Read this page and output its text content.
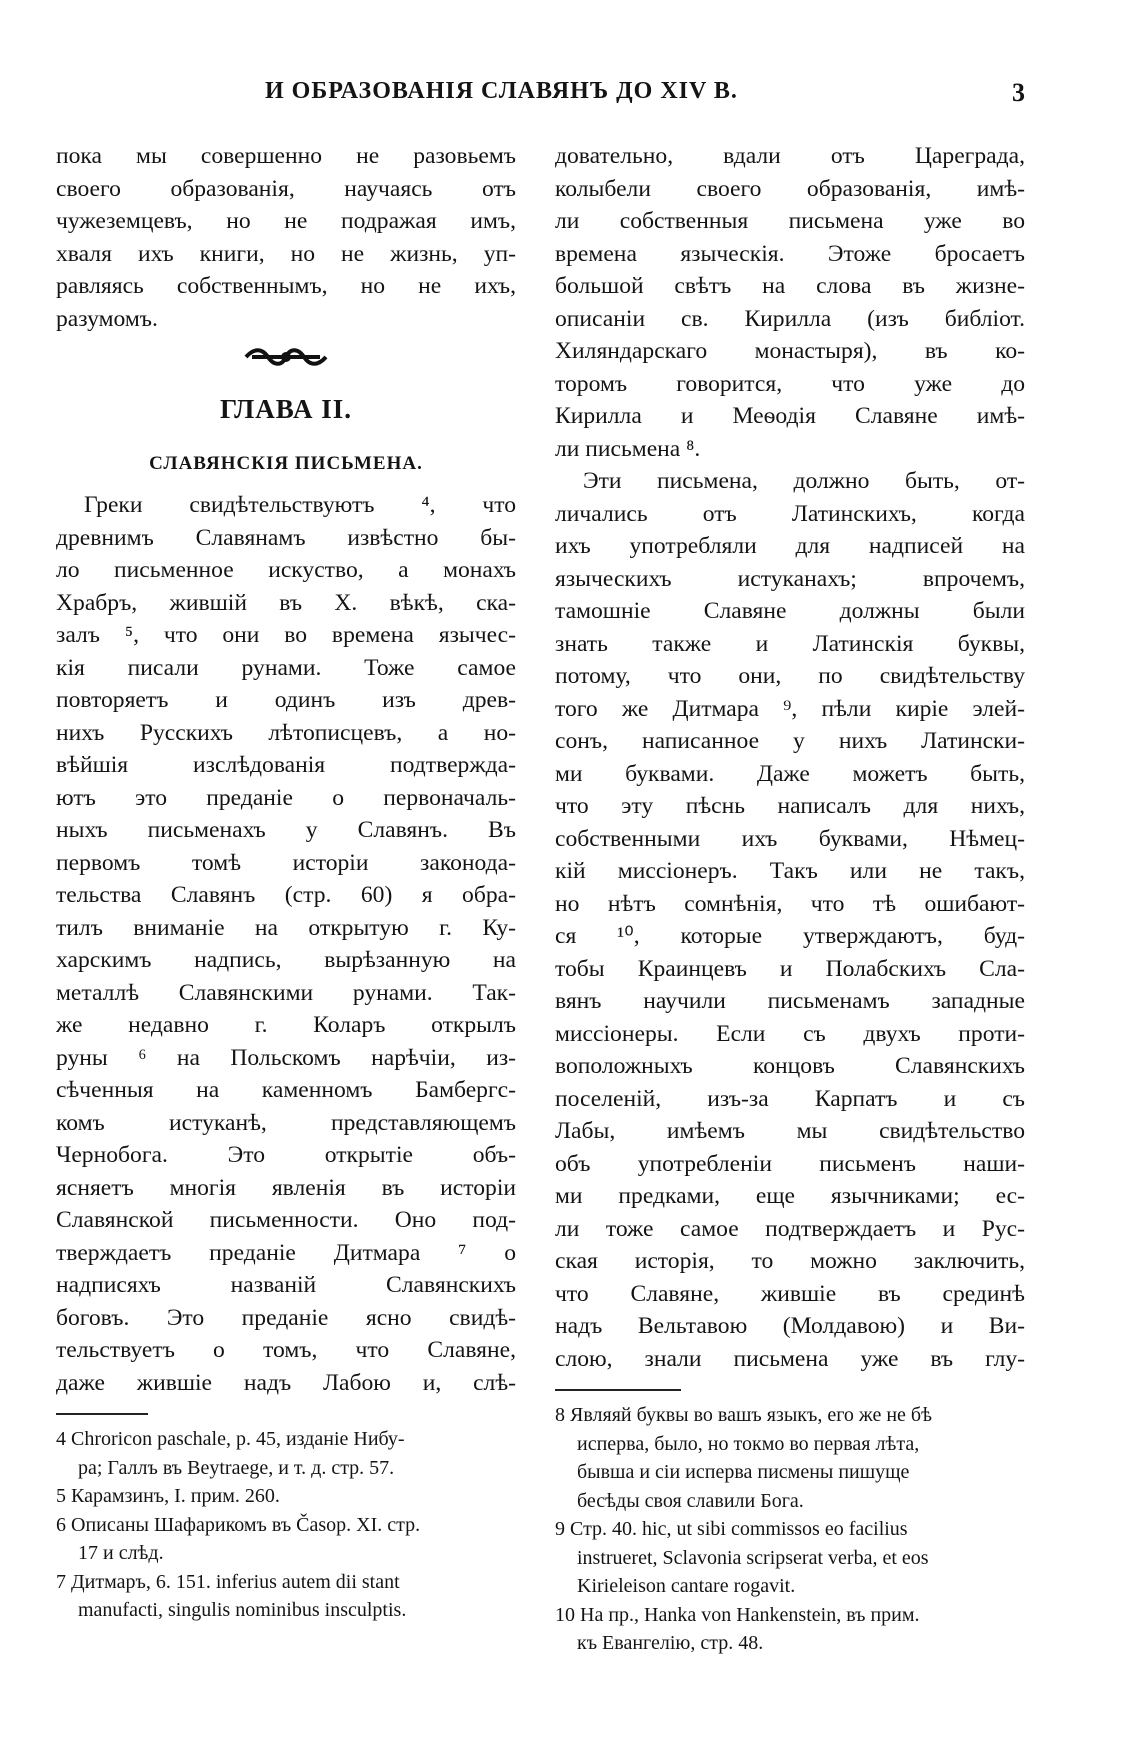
И ОБРАЗОВАНІЯ СЛАВЯНЪ ДО XIV В.	3
пока мы совершенно не разовьемъ
своего образованія, научаясь отъ
чужеземцевъ, но не подражая имъ,
хваля ихъ книги, но не жизнь, уп-
равляясь собственнымъ, но не ихъ,
разумомъ.
ГЛАВА II.
СЛАВЯНСКІЯ ПИСЬМЕНА.
Греки свидѣтельствуютъ ⁴, что
древнимъ Славянамъ извѣстно бы-
ло письменное искуство, а монахъ
Храбръ, жившій въ X. вѣкѣ, ска-
залъ ⁵, что они во времена язычес-
кія писали рунами. Тоже самое
повторяетъ и одинъ изъ древ-
нихъ Русскихъ лѣтописцевъ, а но-
вѣйшія изслѣдованія подтвержда-
ютъ это преданіе о первоначаль-
ныхъ письменахъ у Славянъ. Въ
первомъ томѣ исторіи законода-
тельства Славянъ (стр. 60) я обра-
тилъ вниманіе на открытую г. Ку-
харскимъ надпись, вырѣзанную на
металлѣ Славянскими рунами. Так-
же недавно г. Коларъ открылъ
руны ⁶ на Польскомъ нарѣчіи, из-
сѣченныя на каменномъ Бамбергс-
комъ истуканѣ, представляющемъ
Чернобога. Это открытіе объ-
ясняетъ многія явленія въ исторіи
Славянской письменности. Оно под-
тверждаетъ преданіе Дитмара ⁷ о
надписяхъ названій Славянскихъ
боговъ. Это преданіе ясно свидѣ-
тельствуетъ о томъ, что Славяне,
даже жившіе надъ Лабою и, слѣ-
4 Chroricon paschale, p. 45, изданіе Нибу-
ра; Галлъ въ Beytraege, и т. д. стр. 57.
5 Карамзинъ, I. прим. 260.
6 Описаны Шафарикомъ въ Časop. XI. стр.
17 и слѣд.
7 Дитмаръ, 6. 151. inferius autem dii stant
manufacti, singulis nominibus insculptis.
довательно, вдали отъ Цареграда,
колыбели своего образованія, имѣ-
ли собственныя письмена уже во
времена языческія. Этоже бросаетъ
большой свѣтъ на слова въ жизне-
описаніи св. Кирилла (изъ библіот.
Хиляндарскаго монастыря), въ ко-
торомъ говорится, что уже до
Кирилла и Меѳодія Славяне имѣ-
ли письмена ⁸.
Эти письмена, должно быть, от-
личались отъ Латинскихъ, когда
ихъ употребляли для надписей на
языческихъ истуканахъ; впрочемъ,
тамошніе Славяне должны были
знать также и Латинскія буквы,
потому, что они, по свидѣтельству
того же Дитмара ⁹, пѣли киріе элей-
сонъ, написанное у нихъ Латински-
ми буквами. Даже можетъ быть,
что эту пѣснь написалъ для нихъ,
собственными ихъ буквами, Нѣмец-
кій миссіонеръ. Такъ или не такъ,
но нѣтъ сомнѣнія, что тѣ ошибают-
ся ¹⁰, которые утверждаютъ, буд-
тобы Краинцевъ и Полабскихъ Сла-
вянъ научили письменамъ западные
миссіонеры. Если съ двухъ проти-
воположныхъ концовъ Славянскихъ
поселеній, изъ-за Карпатъ и съ
Лабы, имѣемъ мы свидѣтельство
объ употребленіи письменъ наши-
ми предками, еще язычниками; ес-
ли тоже самое подтверждаетъ и Рус-
ская исторія, то можно заключить,
что Славяне, жившіе въ срединѣ
надъ Вельтавою (Молдавою) и Ви-
слою, знали письмена уже въ глу-
8 Являяй буквы во вашъ языкъ, его же не бѣ
исперва, было, но токмо во первая лѣта,
бывша и сіи исперва писмены пишуще
бесѣды своя славили Бога.
9 Стр. 40. hic, ut sibi commissos eo facilius
instrueret, Sclavonia scripserat verba, et eos
Kirieleison cantare rogavit.
10 На пр., Hanka von Hankenstein, въ прим.
къ Евангелію, стр. 48.
